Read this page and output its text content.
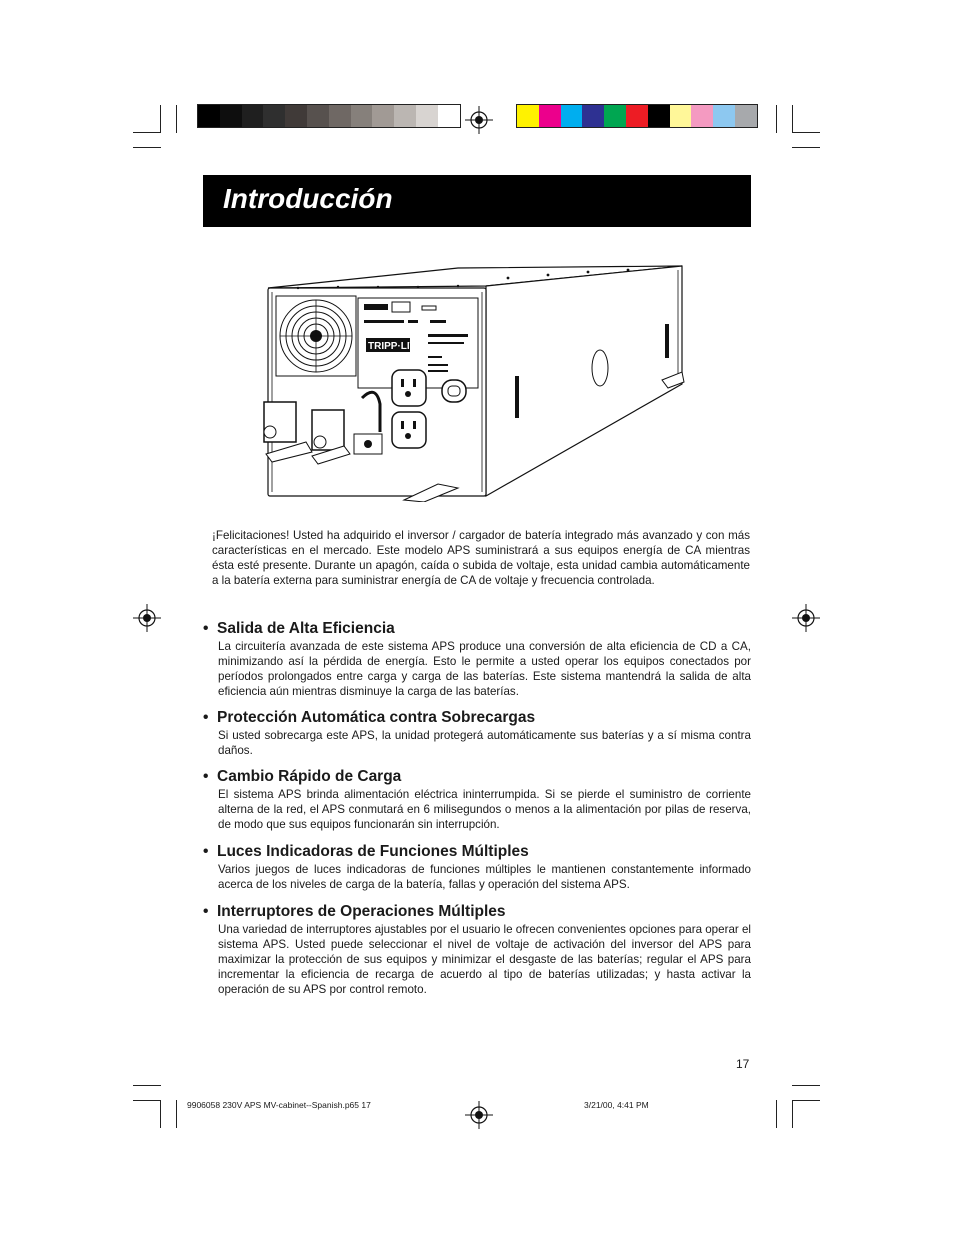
Introducción
TRIPP·LITE
¡Felicitaciones! Usted ha adquirido el inversor / cargador de batería integrado más avanzado y con más características en el mercado. Este modelo APS suministrará a sus equipos energía de CA mientras ésta esté presente. Durante un apagón, caída o subida de voltaje, esta unidad cambia automáticamente a la batería externa para suministrar energía de CA de voltaje y frecuencia controlada.
• Salida de Alta Eficiencia

La circuitería avanzada de este sistema APS produce una conversión de alta eficiencia de CD a CA, minimizando así la pérdida de energía. Esto le permite a usted operar los equipos conectados por períodos prolongados entre carga y carga de las baterías. Este sistema mantendrá la salida de alta eficiencia aún mientras disminuye la carga de las baterías.

• Protección Automática contra Sobrecargas

Si usted sobrecarga este APS, la unidad protegerá automáticamente sus baterías y a sí misma contra daños.

• Cambio Rápido de Carga

El sistema APS brinda alimentación eléctrica ininterrumpida. Si se pierde el suministro de corriente alterna de la red, el APS conmutará en 6 milisegundos o menos a la alimentación por pilas de reserva, de modo que sus equipos funcionarán sin interrupción.

• Luces Indicadoras de Funciones Múltiples

Varios juegos de luces indicadoras de funciones múltiples le mantienen constantemente informado acerca de los niveles de carga de la batería, fallas y operación del sistema APS.

• Interruptores de Operaciones Múltiples

Una variedad de interruptores ajustables por el usuario le ofrecen convenientes opciones para operar el sistema APS. Usted puede seleccionar el nivel de voltaje de activación del inversor del APS para maximizar la protección de sus equipos y minimizar el desgaste de las baterías; regular el APS para incrementar la eficiencia de recarga de acuerdo al tipo de baterías utilizadas; y hasta activar la operación de su APS por control remoto.

17
9906058 230V APS MV-cabinet--Spanish.p65 17	3/21/00, 4:41 PM
